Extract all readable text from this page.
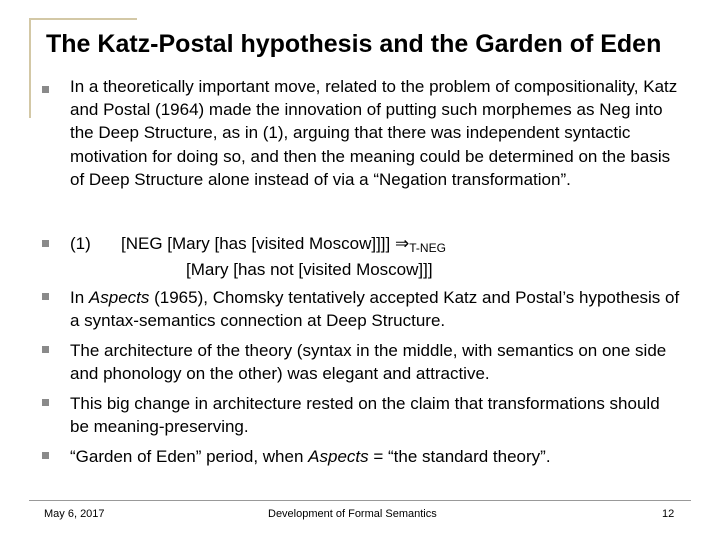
The Katz-Postal hypothesis and the Garden of Eden

In a theoretically important move, related to the problem of compositionality, Katz and Postal (1964) made the innovation of putting such morphemes as Neg into the Deep Structure, as in (1), arguing that there was independent syntactic motivation for doing so, and then the meaning could be determined on the basis of Deep Structure alone instead of via a “Negation transformation”.

(1) [NEG [Mary [has [visited Moscow]]]] $\Rightarrow_{T-NEG}$
[Mary [has not [visited Moscow]]]

In Aspects (1965), Chomsky tentatively accepted Katz and Postal’s hypothesis of a syntax-semantics connection at Deep Structure.

The architecture of the theory (syntax in the middle, with semantics on one side and phonology on the other) was elegant and attractive.

This big change in architecture rested on the claim that transformations should be meaning-preserving.

“Garden of Eden” period, when Aspects = “the standard theory”.

May 6, 2017	Development of Formal Semantics	12
